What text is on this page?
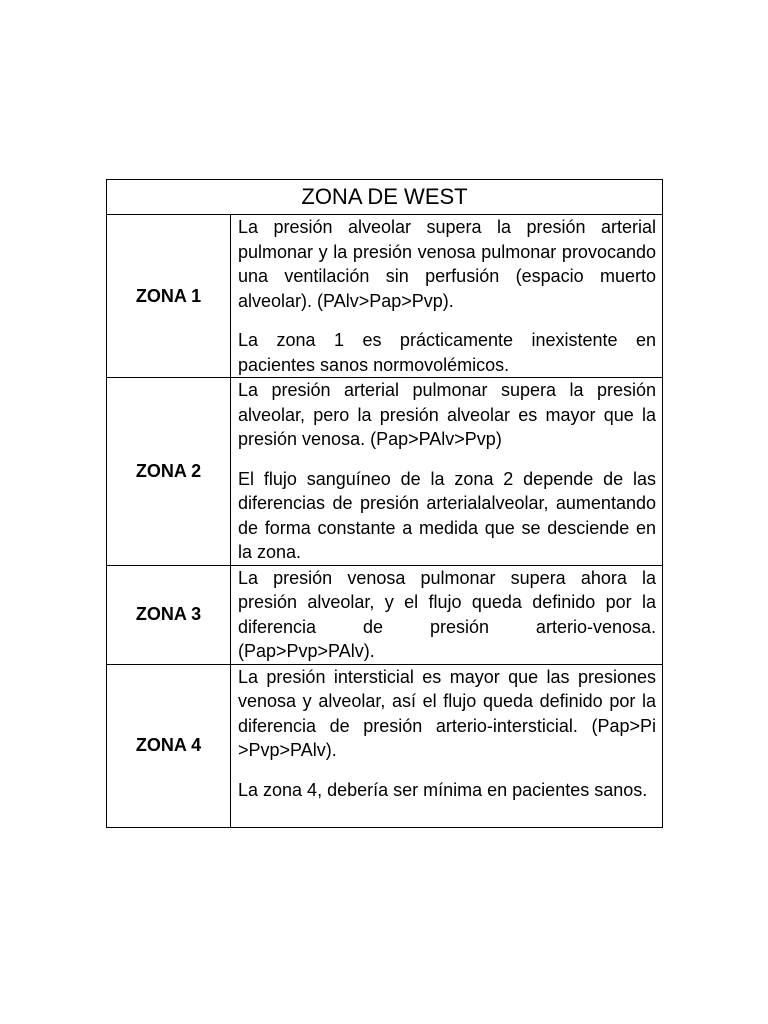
ZONA DE WEST	
ZONA 1	La presión alveolar supera la presión arterial pulmonar y la presión venosa pulmonar provocando una ventilación sin perfusión (espacio muerto alveolar). (PAlv>Pap>Pvp).

La zona 1 es prácticamente inexistente en pacientes sanos normovolémicos.

ZONA 2	La presión arterial pulmonar supera la presión alveolar, pero la presión alveolar es mayor que la presión venosa. (Pap>PAlv>Pvp)

El flujo sanguíneo de la zona 2 depende de las diferencias de presión arterialalveolar, aumentando de forma constante a medida que se desciende en la zona.

ZONA 3	La presión venosa pulmonar supera ahora la presión alveolar, y el flujo queda definido por la diferencia de presión arterio-venosa. (Pap>Pvp>PAlv).

ZONA 4	La presión intersticial es mayor que las presiones venosa y alveolar, así el flujo queda definido por la diferencia de presión arterio-intersticial. (Pap>Pi >Pvp>PAlv).

La zona 4, debería ser mínima en pacientes sanos.
